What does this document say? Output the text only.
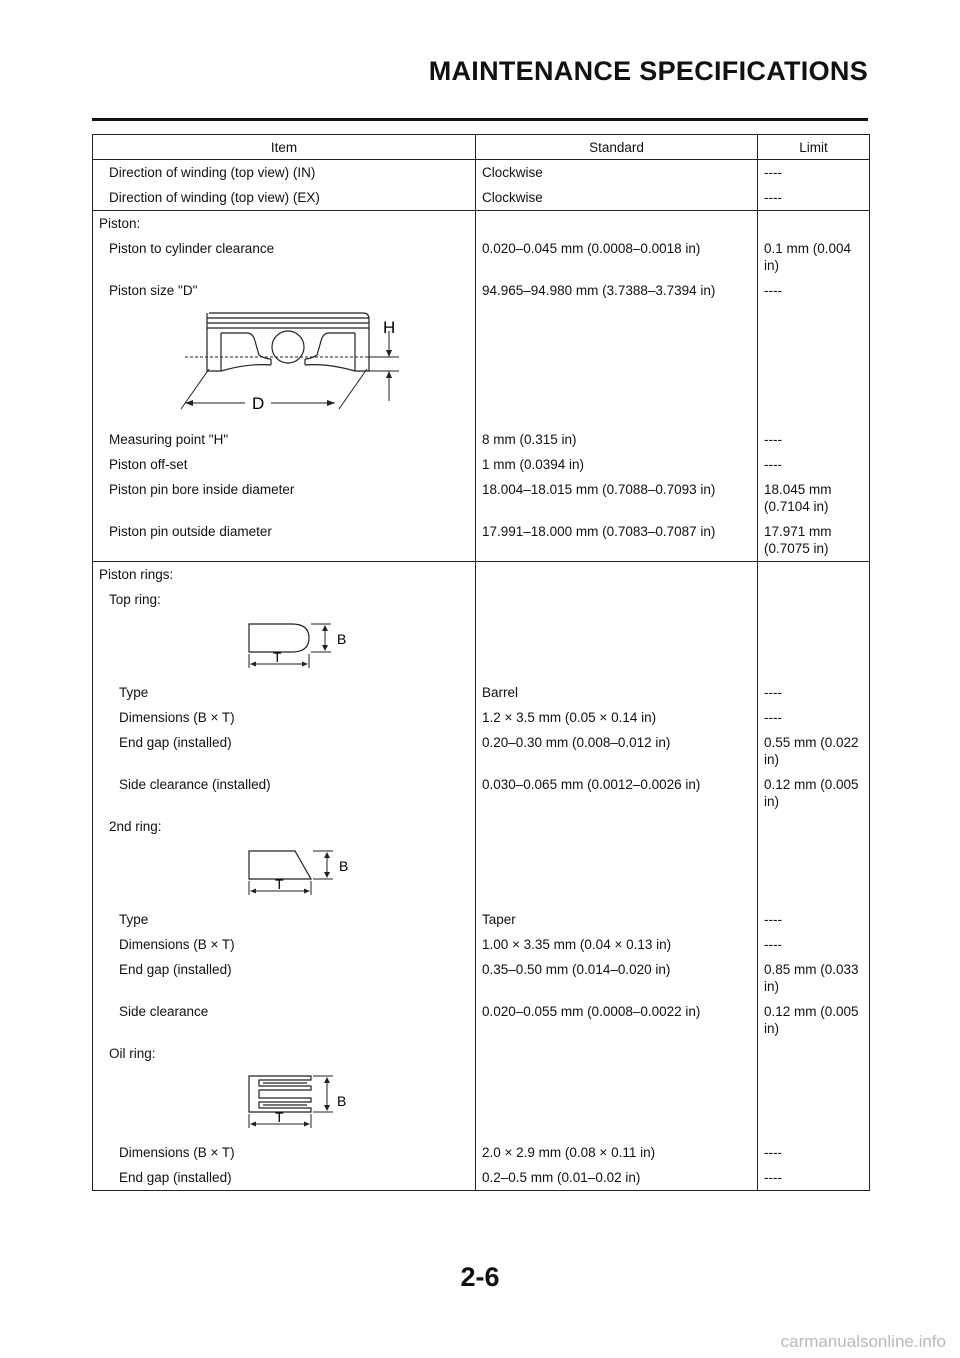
MAINTENANCE SPECIFICATIONS
Item	Standard	Limit
Direction of winding (top view) (IN)	Clockwise	----
Direction of winding (top view) (EX)	Clockwise	----
Piston:		
Piston to cylinder clearance	0.020–0.045 mm (0.0008–0.0018 in)	0.1 mm (0.004 in)
Piston size "D"	94.965–94.980 mm (3.7388–3.7394 in)	----

H
D		

Measuring point "H"	8 mm (0.315 in)	----
Piston off-set	1 mm (0.0394 in)	----
Piston pin bore inside diameter	18.004–18.015 mm (0.7088–0.7093 in)	18.045 mm (0.7104 in)
Piston pin outside diameter	17.991–18.000 mm (0.7083–0.7087 in)	17.971 mm (0.7075 in)
Piston rings:		
Top ring:		

B
T		

Type	Barrel	----
Dimensions (B × T)	1.2 × 3.5 mm (0.05 × 0.14 in)	----
End gap (installed)	0.20–0.30 mm (0.008–0.012 in)	0.55 mm (0.022 in)
Side clearance (installed)	0.030–0.065 mm (0.0012–0.0026 in)	0.12 mm (0.005 in)
2nd ring:		

B
T		

Type	Taper	----
Dimensions (B × T)	1.00 × 3.35 mm (0.04 × 0.13 in)	----
End gap (installed)	0.35–0.50 mm (0.014–0.020 in)	0.85 mm (0.033 in)
Side clearance	0.020–0.055 mm (0.0008–0.0022 in)	0.12 mm (0.005 in)
Oil ring:		

B
T		

Dimensions (B × T)	2.0 × 2.9 mm (0.08 × 0.11 in)	----
End gap (installed)	0.2–0.5 mm (0.01–0.02 in)	----
2-6
carmanualsonline.info
